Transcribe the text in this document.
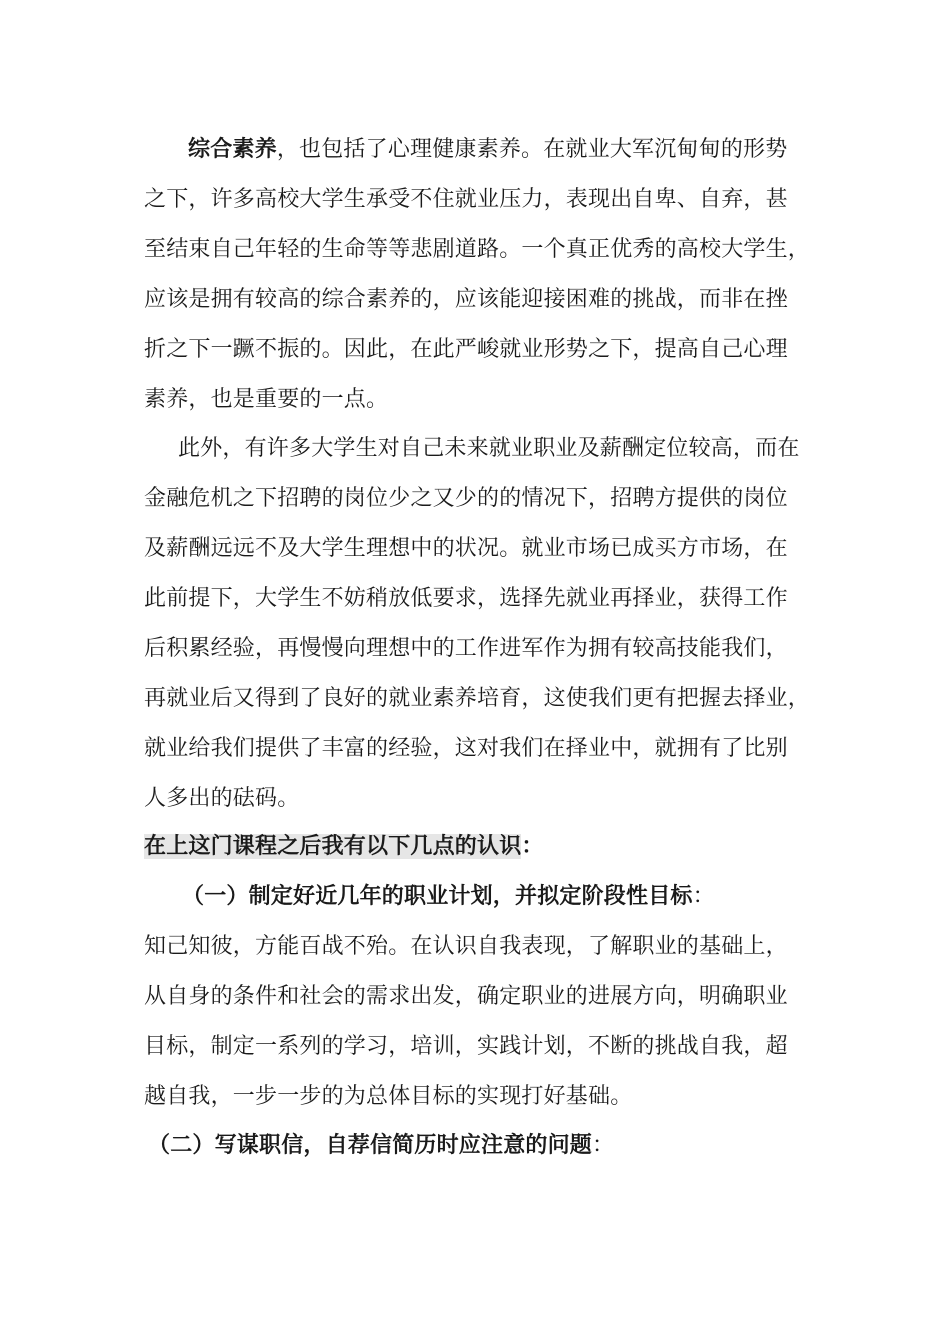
综合素养，也包括了心理健康素养。在就业大军沉甸甸的形势
之下，许多高校大学生承受不住就业压力，表现出自卑、自弃，甚
至结束自己年轻的生命等等悲剧道路。一个真正优秀的高校大学生，
应该是拥有较高的综合素养的，应该能迎接困难的挑战，而非在挫
折之下一蹶不振的。因此，在此严峻就业形势之下，提高自己心理
素养，也是重要的一点。
此外，有许多大学生对自己未来就业职业及薪酬定位较高，而在
金融危机之下招聘的岗位少之又少的的情况下，招聘方提供的岗位
及薪酬远远不及大学生理想中的状况。就业市场已成买方市场，在
此前提下，大学生不妨稍放低要求，选择先就业再择业，获得工作
后积累经验，再慢慢向理想中的工作进军作为拥有较高技能我们，
再就业后又得到了良好的就业素养培育，这使我们更有把握去择业，
就业给我们提供了丰富的经验，这对我们在择业中，就拥有了比别
人多出的砝码。
在上这门课程之后我有以下几点的认识：
（一）制定好近几年的职业计划，并拟定阶段性目标：
知己知彼，方能百战不殆。在认识自我表现，了解职业的基础上，
从自身的条件和社会的需求出发，确定职业的进展方向，明确职业
目标，制定一系列的学习，培训，实践计划，不断的挑战自我，超
越自我，一步一步的为总体目标的实现打好基础。
（二）写谋职信，自荐信简历时应注意的问题：
